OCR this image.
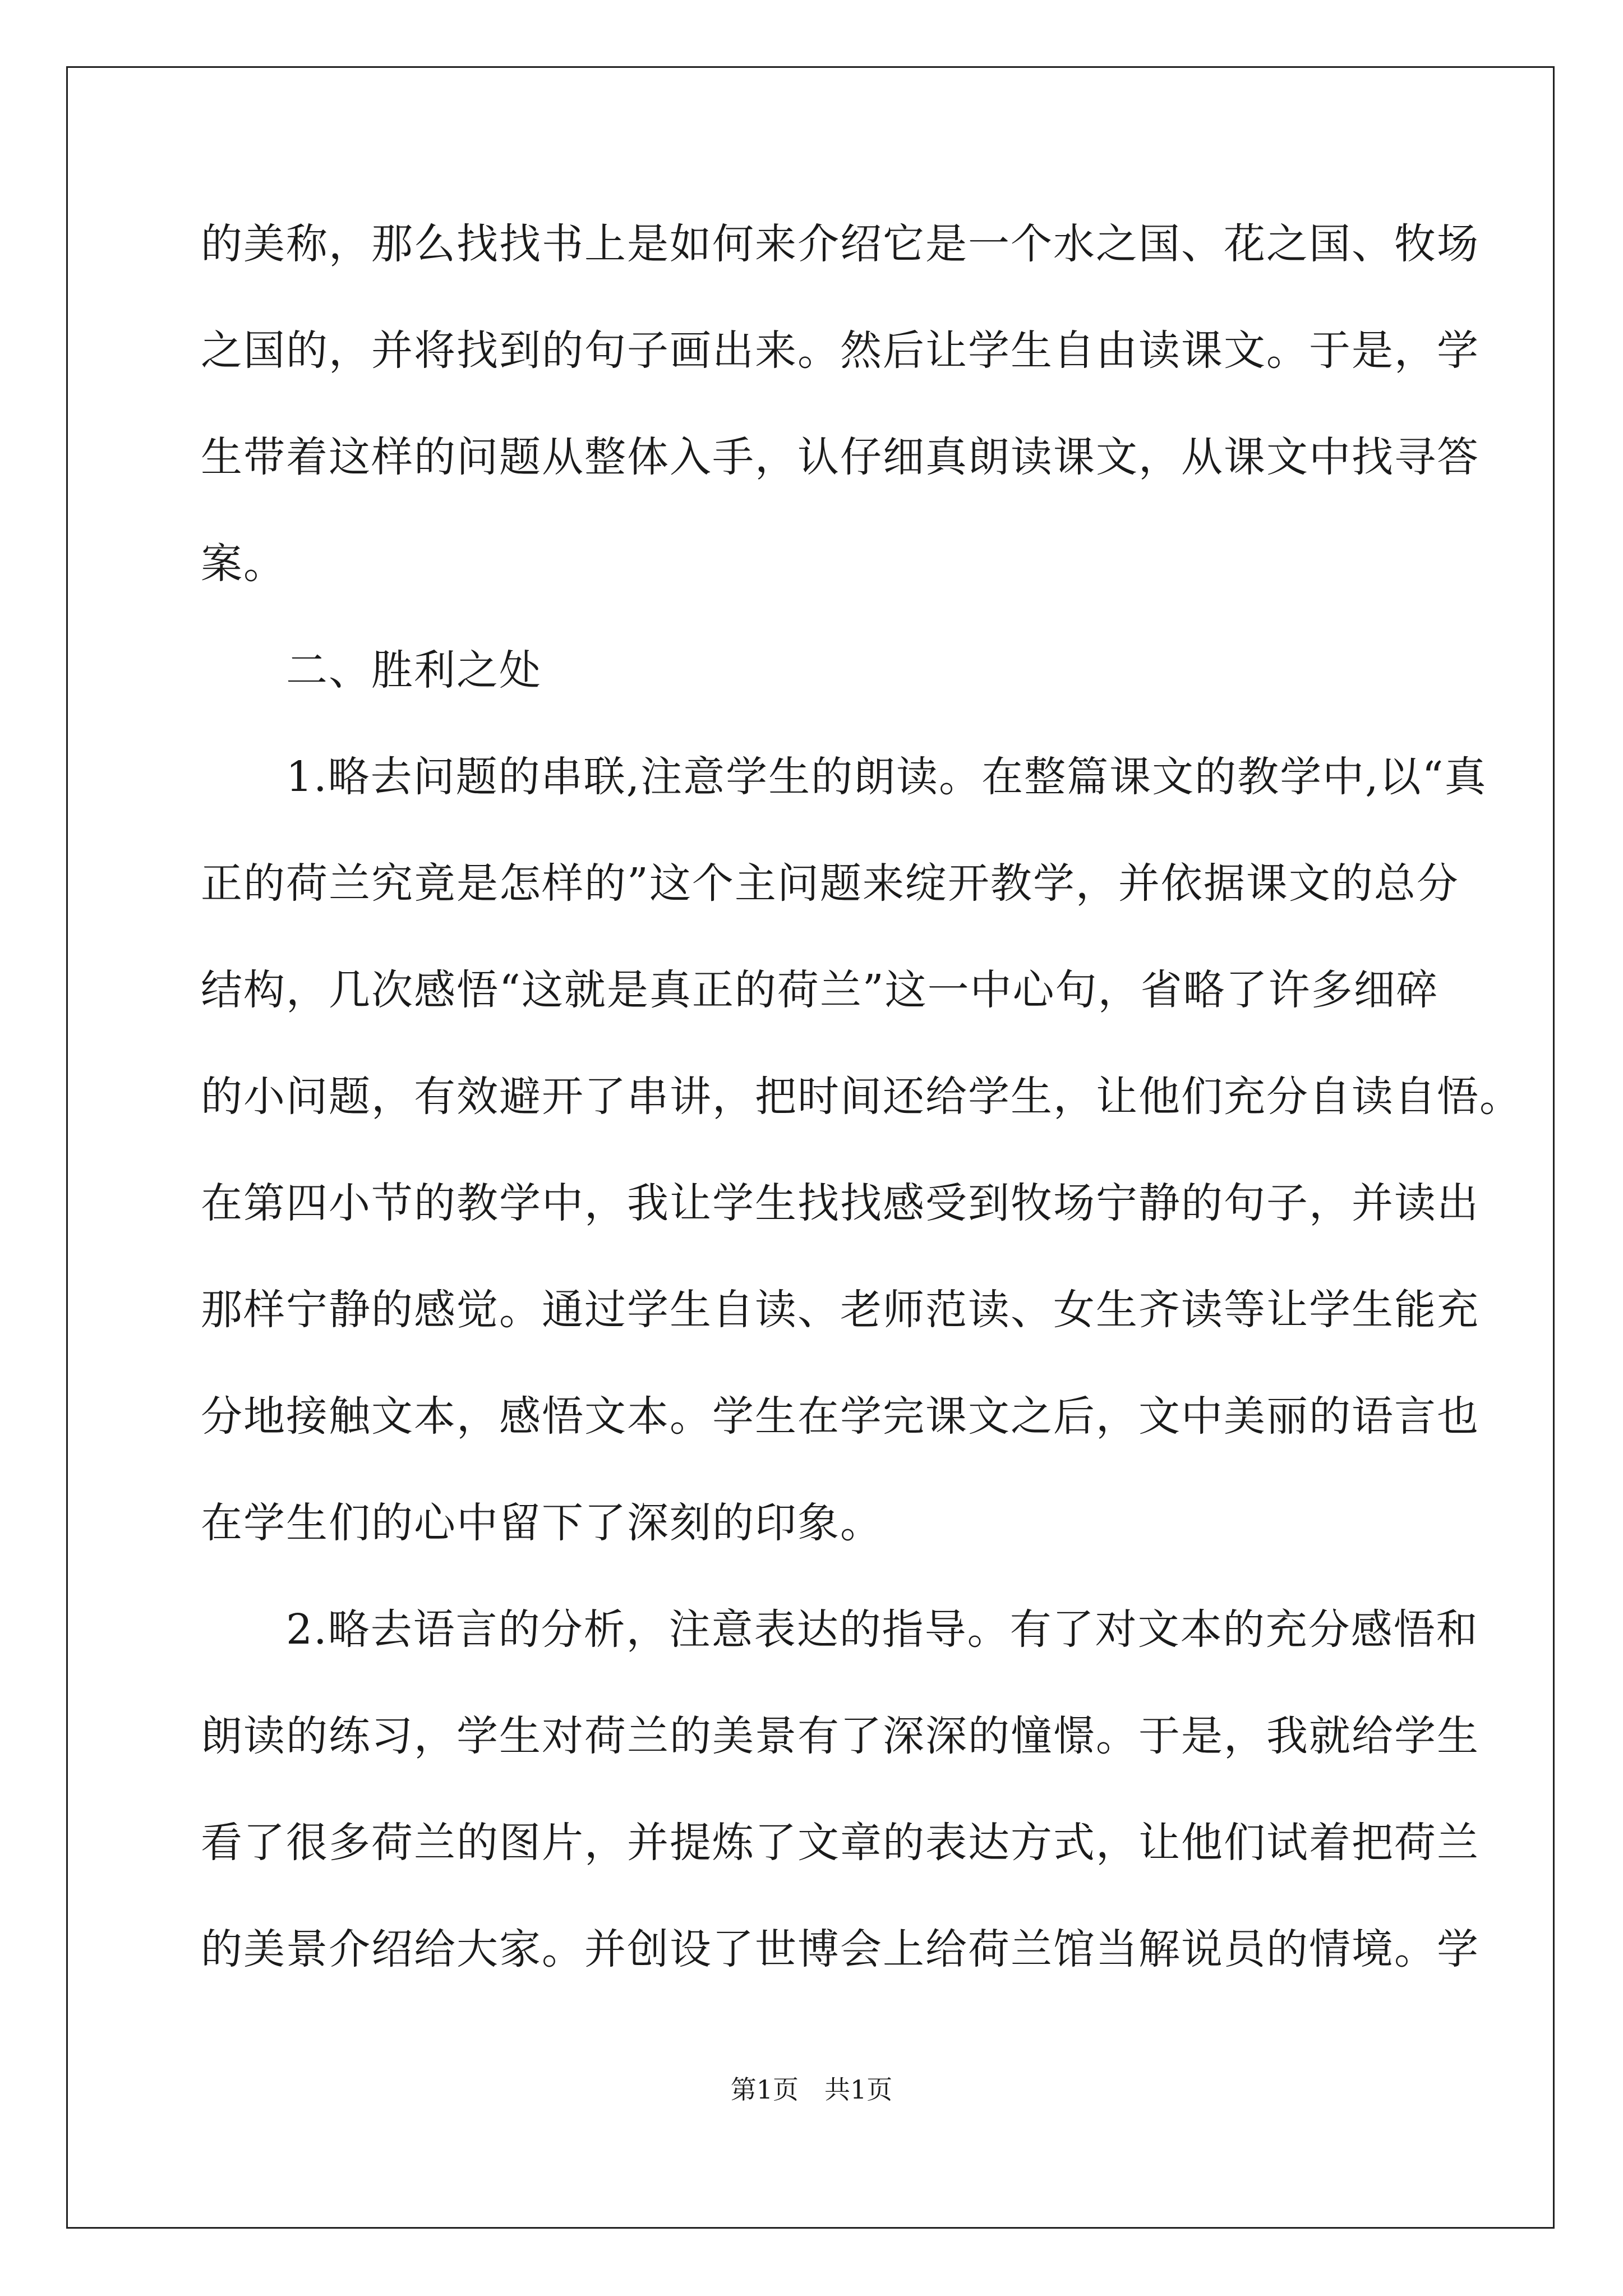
的美称，那么找找书上是如何来介绍它是一个水之国、花之国、牧场
之国的，并将找到的句子画出来。然后让学生自由读课文。于是，学
生带着这样的问题从整体入手，认仔细真朗读课文，从课文中找寻答
案。
　　二、胜利之处
　　1.略去问题的串联,注意学生的朗读。在整篇课文的教学中,以“真
正的荷兰究竟是怎样的”这个主问题来绽开教学，并依据课文的总分
结构，几次感悟“这就是真正的荷兰”这一中心句，省略了许多细碎
的小问题，有效避开了串讲，把时间还给学生，让他们充分自读自悟。
在第四小节的教学中，我让学生找找感受到牧场宁静的句子，并读出
那样宁静的感觉。通过学生自读、老师范读、女生齐读等让学生能充
分地接触文本，感悟文本。学生在学完课文之后，文中美丽的语言也
在学生们的心中留下了深刻的印象。
　　2.略去语言的分析，注意表达的指导。有了对文本的充分感悟和
朗读的练习，学生对荷兰的美景有了深深的憧憬。于是，我就给学生
看了很多荷兰的图片，并提炼了文章的表达方式，让他们试着把荷兰
的美景介绍给大家。并创设了世博会上给荷兰馆当解说员的情境。学
第1页　共1页
